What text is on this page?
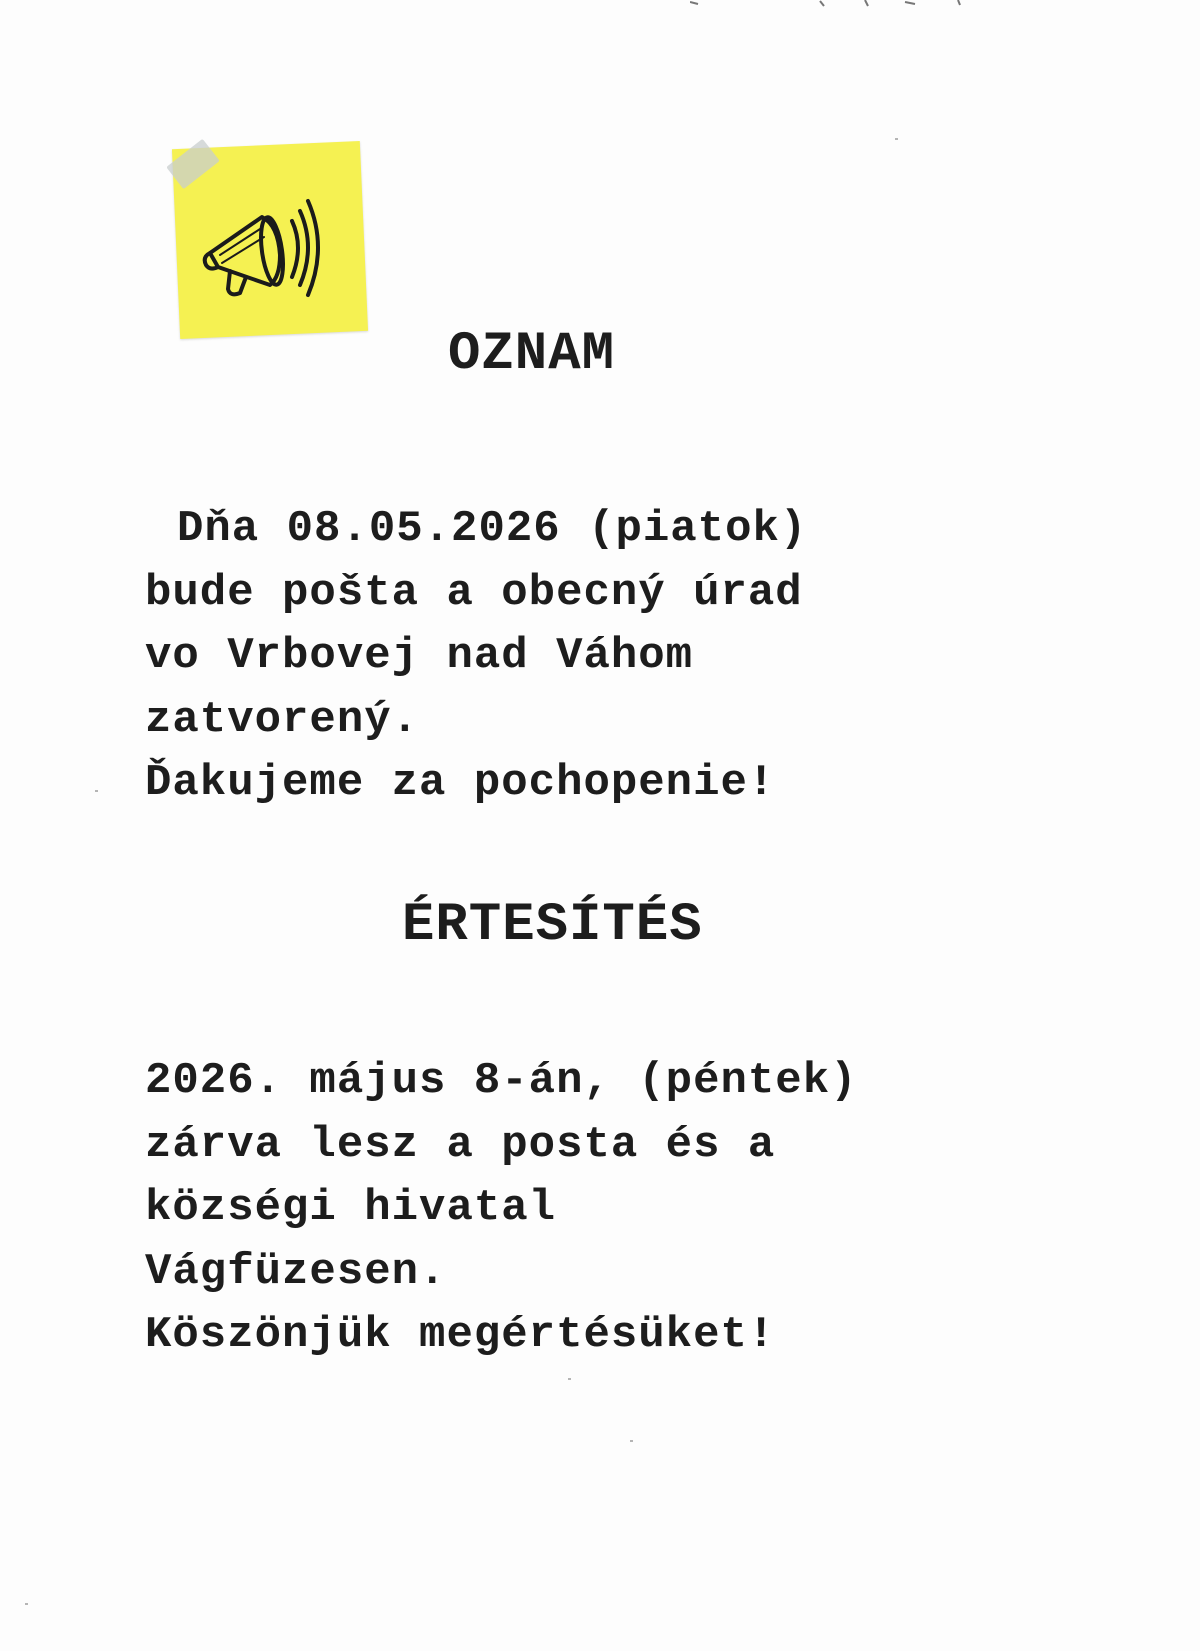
OZNAM

Dňa 08.05.2026 (piatok)
bude pošta a obecný úrad
vo Vrbovej nad Váhom
zatvorený.
Ďakujeme za pochopenie!

ÉRTESÍTÉS

2026. május 8-án, (péntek)
zárva lesz a posta és a
községi hivatal
Vágfüzesen.
Köszönjük megértésüket!
